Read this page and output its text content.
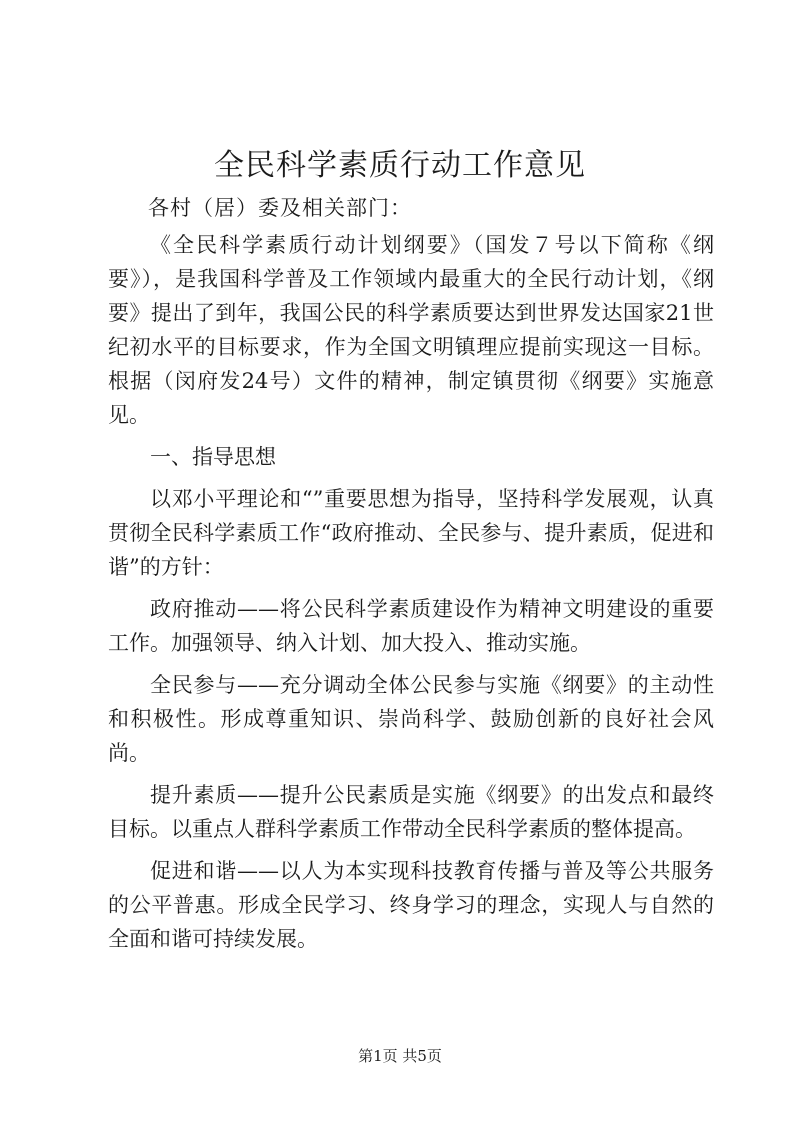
全民科学素质行动工作意见

各村（居）委及相关部门：

《全民科学素质行动计划纲要》（国发７号以下简称《纲要》），是我国科学普及工作领域内最重大的全民行动计划，《纲要》提出了到年，我国公民的科学素质要达到世界发达国家21世纪初水平的目标要求，作为全国文明镇理应提前实现这一目标。根据（闵府发24号）文件的精神，制定镇贯彻《纲要》实施意见。

一、指导思想

以邓小平理论和“”重要思想为指导，坚持科学发展观，认真贯彻全民科学素质工作“政府推动、全民参与、提升素质，促进和谐”的方针：

政府推动——将公民科学素质建设作为精神文明建设的重要工作。加强领导、纳入计划、加大投入、推动实施。

全民参与——充分调动全体公民参与实施《纲要》的主动性和积极性。形成尊重知识、崇尚科学、鼓励创新的良好社会风尚。

提升素质——提升公民素质是实施《纲要》的出发点和最终目标。以重点人群科学素质工作带动全民科学素质的整体提高。

促进和谐——以人为本实现科技教育传播与普及等公共服务的公平普惠。形成全民学习、终身学习的理念，实现人与自然的全面和谐可持续发展。

第1页 共5页
